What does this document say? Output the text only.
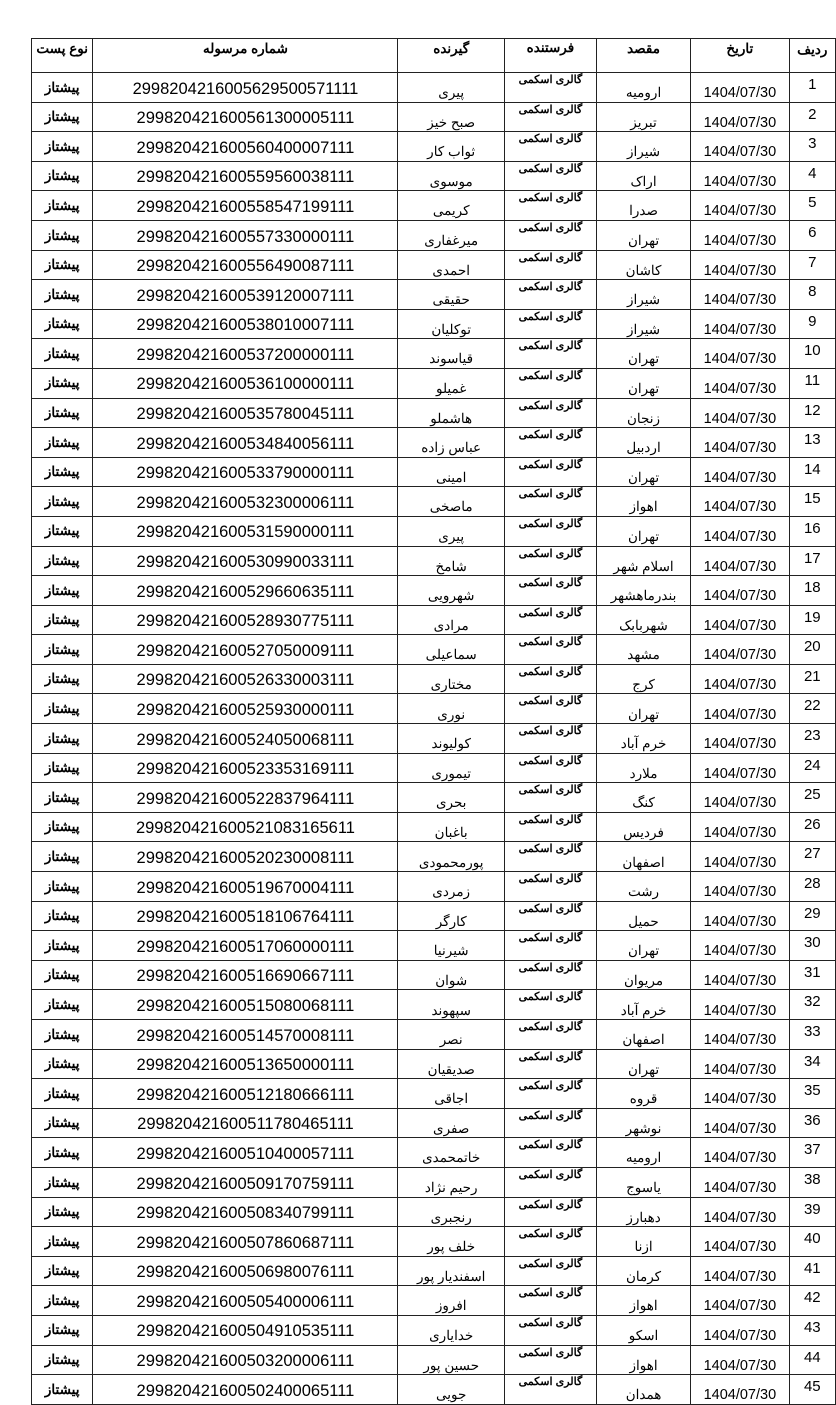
نوع پست	شماره مرسوله	گیرنده	فرستنده	مقصد	تاریخ	ردیف
پیشتاز	2998204216005629500571111	پیری	گالری اسکمی	ارومیه	1404/07/30	1
پیشتاز	299820421600561300005111	صبح خیز	گالری اسکمی	تبریز	1404/07/30	2
پیشتاز	299820421600560400007111	ثواب کار	گالری اسکمی	شیراز	1404/07/30	3
پیشتاز	299820421600559560038111	موسوی	گالری اسکمی	اراک	1404/07/30	4
پیشتاز	299820421600558547199111	کریمی	گالری اسکمی	صدرا	1404/07/30	5
پیشتاز	299820421600557330000111	میرغفاری	گالری اسکمی	تهران	1404/07/30	6
پیشتاز	299820421600556490087111	احمدی	گالری اسکمی	کاشان	1404/07/30	7
پیشتاز	299820421600539120007111	حقیقی	گالری اسکمی	شیراز	1404/07/30	8
پیشتاز	299820421600538010007111	توکلیان	گالری اسکمی	شیراز	1404/07/30	9
پیشتاز	299820421600537200000111	قیاسوند	گالری اسکمی	تهران	1404/07/30	10
پیشتاز	299820421600536100000111	غمیلو	گالری اسکمی	تهران	1404/07/30	11
پیشتاز	299820421600535780045111	هاشملو	گالری اسکمی	زنجان	1404/07/30	12
پیشتاز	299820421600534840056111	عباس زاده	گالری اسکمی	اردبیل	1404/07/30	13
پیشتاز	299820421600533790000111	امینی	گالری اسکمی	تهران	1404/07/30	14
پیشتاز	299820421600532300006111	ماصخی	گالری اسکمی	اهواز	1404/07/30	15
پیشتاز	299820421600531590000111	پیری	گالری اسکمی	تهران	1404/07/30	16
پیشتاز	299820421600530990033111	شامخ	گالری اسکمی	اسلام شهر	1404/07/30	17
پیشتاز	299820421600529660635111	شهرویی	گالری اسکمی	بندرماهشهر	1404/07/30	18
پیشتاز	299820421600528930775111	مرادی	گالری اسکمی	شهربابک	1404/07/30	19
پیشتاز	299820421600527050009111	سماعیلی	گالری اسکمی	مشهد	1404/07/30	20
پیشتاز	299820421600526330003111	مختاری	گالری اسکمی	کرج	1404/07/30	21
پیشتاز	299820421600525930000111	نوری	گالری اسکمی	تهران	1404/07/30	22
پیشتاز	299820421600524050068111	کولیوند	گالری اسکمی	خرم آباد	1404/07/30	23
پیشتاز	299820421600523353169111	تیموری	گالری اسکمی	ملارد	1404/07/30	24
پیشتاز	299820421600522837964111	بحری	گالری اسکمی	کنگ	1404/07/30	25
پیشتاز	299820421600521083165611	باغبان	گالری اسکمی	فردیس	1404/07/30	26
پیشتاز	299820421600520230008111	پورمحمودی	گالری اسکمی	اصفهان	1404/07/30	27
پیشتاز	299820421600519670004111	زمردی	گالری اسکمی	رشت	1404/07/30	28
پیشتاز	299820421600518106764111	کارگر	گالری اسکمی	حمیل	1404/07/30	29
پیشتاز	299820421600517060000111	شیرنیا	گالری اسکمی	تهران	1404/07/30	30
پیشتاز	299820421600516690667111	شوان	گالری اسکمی	مریوان	1404/07/30	31
پیشتاز	299820421600515080068111	سپهوند	گالری اسکمی	خرم آباد	1404/07/30	32
پیشتاز	299820421600514570008111	نصر	گالری اسکمی	اصفهان	1404/07/30	33
پیشتاز	299820421600513650000111	صدیقیان	گالری اسکمی	تهران	1404/07/30	34
پیشتاز	299820421600512180666111	اجاقی	گالری اسکمی	قروه	1404/07/30	35
پیشتاز	299820421600511780465111	صفری	گالری اسکمی	نوشهر	1404/07/30	36
پیشتاز	299820421600510400057111	خاتمحمدی	گالری اسکمی	ارومیه	1404/07/30	37
پیشتاز	299820421600509170759111	رحیم نژاد	گالری اسکمی	یاسوج	1404/07/30	38
پیشتاز	299820421600508340799111	رنجبری	گالری اسکمی	دهبارز	1404/07/30	39
پیشتاز	299820421600507860687111	خلف پور	گالری اسکمی	ازنا	1404/07/30	40
پیشتاز	299820421600506980076111	اسفندیار پور	گالری اسکمی	کرمان	1404/07/30	41
پیشتاز	299820421600505400006111	افروز	گالری اسکمی	اهواز	1404/07/30	42
پیشتاز	299820421600504910535111	خدایاری	گالری اسکمی	اسکو	1404/07/30	43
پیشتاز	299820421600503200006111	حسین پور	گالری اسکمی	اهواز	1404/07/30	44
پیشتاز	299820421600502400065111	جویی	گالری اسکمی	همدان	1404/07/30	45
